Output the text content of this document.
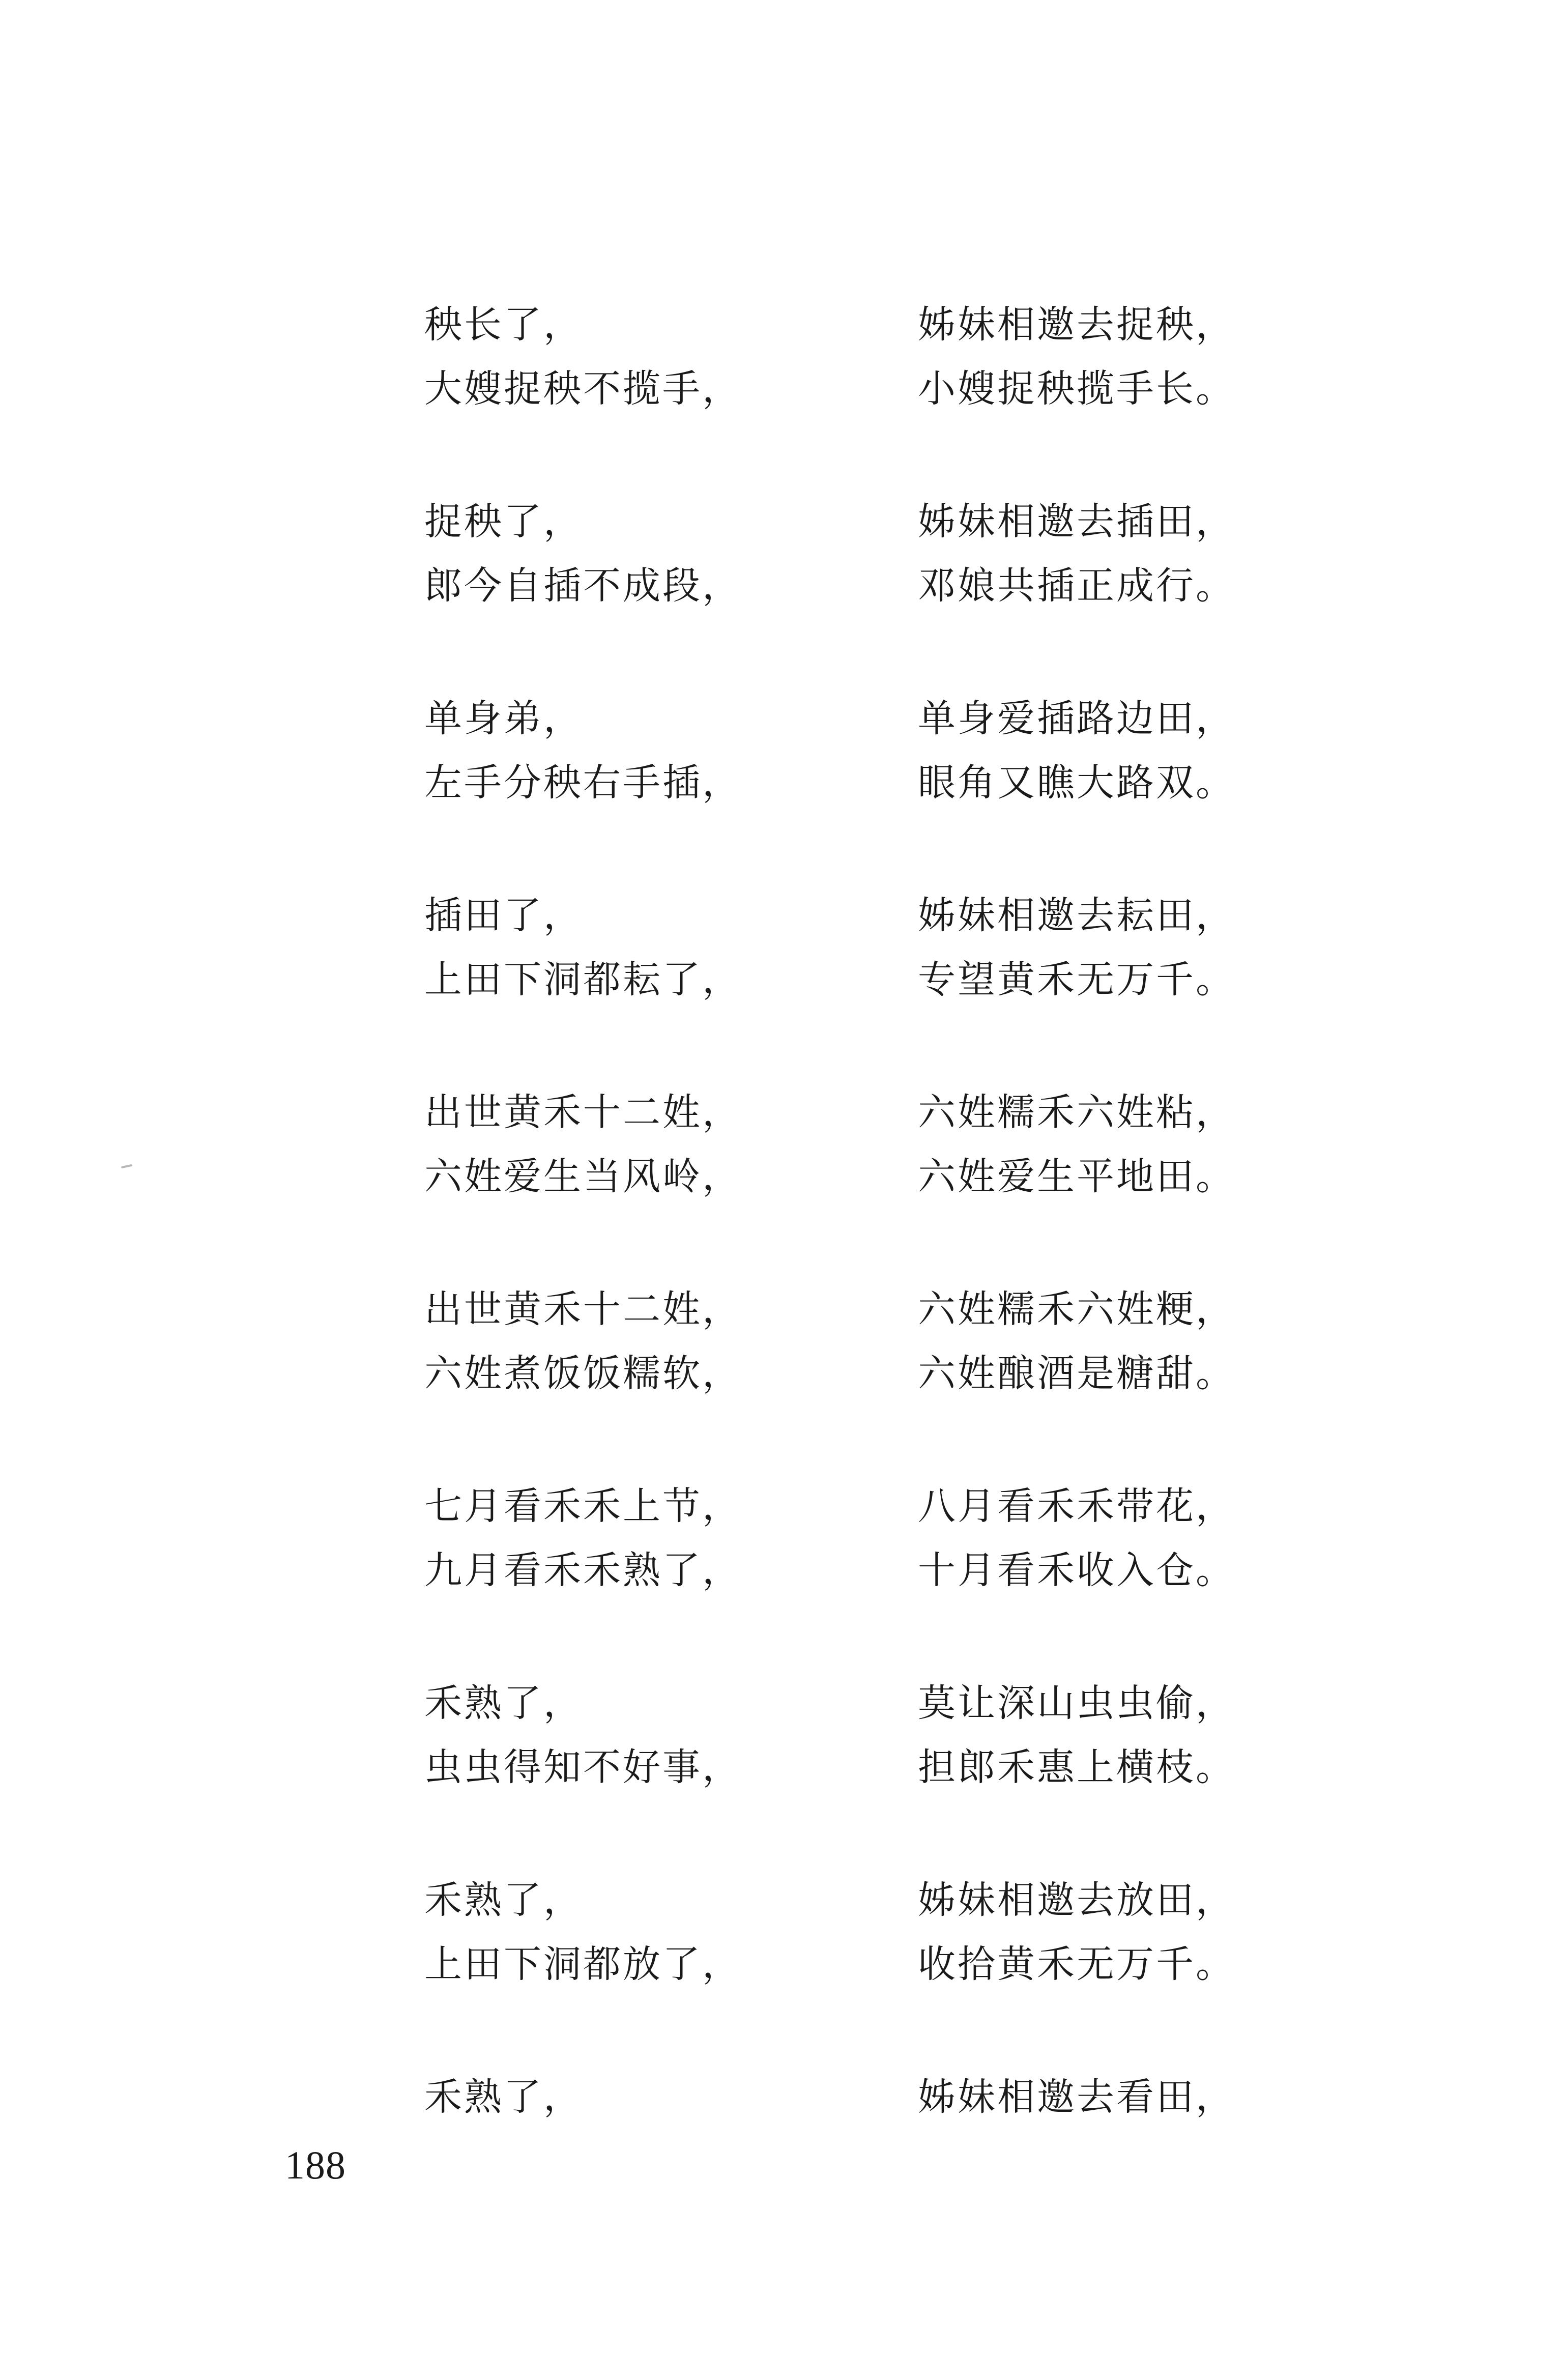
秧长了，	姊妹相邀去捉秧，
大嫂捉秧不揽手，	小嫂捉秧揽手长。
捉秧了，	姊妹相邀去插田，
郎今自插不成段，	邓娘共插正成行。
单身弟，	单身爱插路边田，
左手分秧右手插，	眼角又瞧大路双。
插田了，	姊妹相邀去耘田，
上田下洞都耘了，	专望黄禾无万千。
出世黄禾十二姓，	六姓糯禾六姓粘，
六姓爱生当风岭，	六姓爱生平地田。
出世黄禾十二姓，	六姓糯禾六姓粳，
六姓煮饭饭糯软，	六姓酿酒是糖甜。
七月看禾禾上节，	八月看禾禾带花，
九月看禾禾熟了，	十月看禾收入仓。
禾熟了，	莫让深山虫虫偷，
虫虫得知不好事，	担郎禾惠上横枝。
禾熟了，	姊妹相邀去放田，
上田下洞都放了，	收拾黄禾无万千。
禾熟了，	姊妹相邀去看田，
188
